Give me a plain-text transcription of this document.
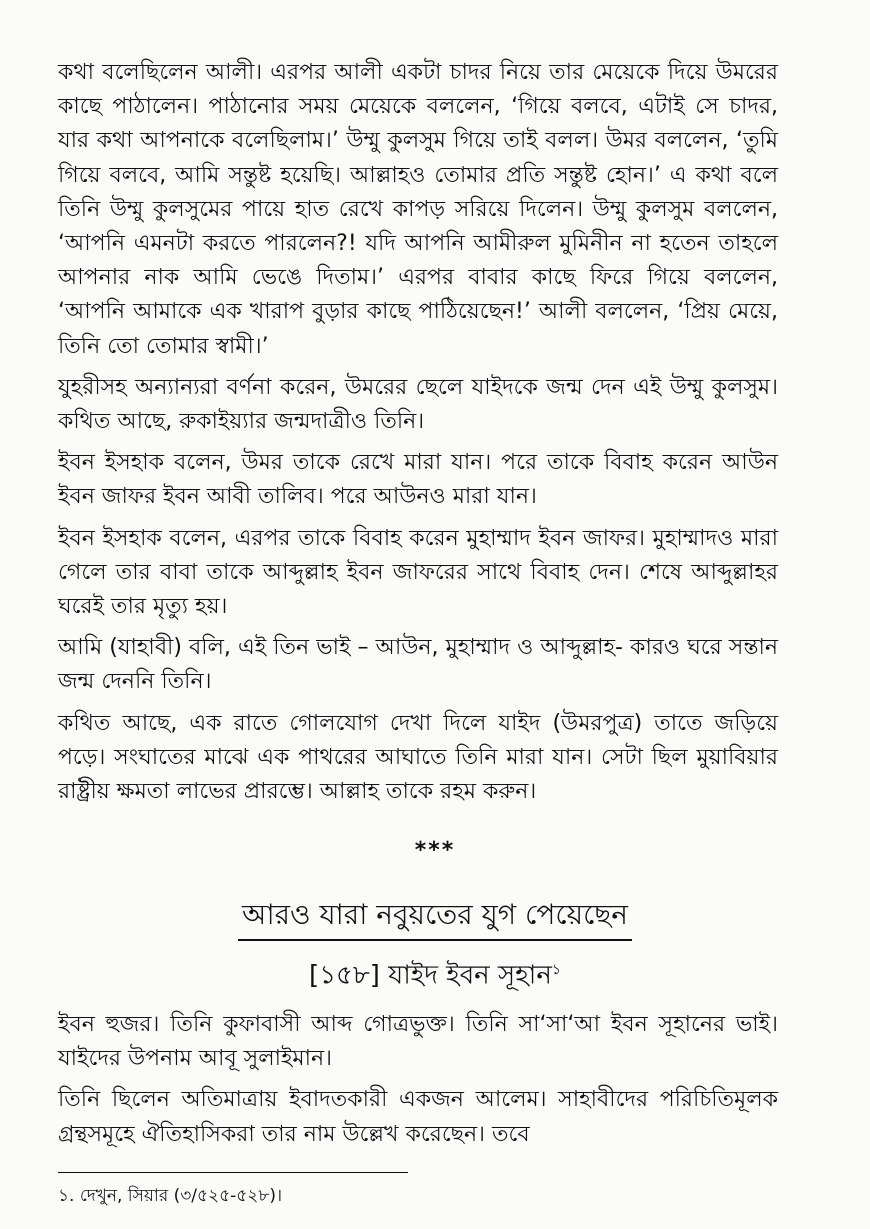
কথা বলেছিলেন আলী। এরপর আলী একটা চাদর নিয়ে তার মেয়েকে দিয়ে উমরের কাছে পাঠালেন। পাঠানোর সময় মেয়েকে বললেন, ‘গিয়ে বলবে, এটাই সে চাদর, যার কথা আপনাকে বলেছিলাম।’ উম্মু কুলসুম গিয়ে তাই বলল। উমর বললেন, ‘তুমি গিয়ে বলবে, আমি সন্তুষ্ট হয়েছি। আল্লাহও তোমার প্রতি সন্তুষ্ট হোন।’ এ কথা বলে তিনি উম্মু কুলসুমের পায়ে হাত রেখে কাপড় সরিয়ে দিলেন। উম্মু কুলসুম বললেন, ‘আপনি এমনটা করতে পারলেন?! যদি আপনি আমীরুল মুমিনীন না হতেন তাহলে আপনার নাক আমি ভেঙে দিতাম।’ এরপর বাবার কাছে ফিরে গিয়ে বললেন, ‘আপনি আমাকে এক খারাপ বুড়ার কাছে পাঠিয়েছেন!’ আলী বললেন, ‘প্রিয় মেয়ে, তিনি তো তোমার স্বামী।’

যুহরীসহ অন্যান্যরা বর্ণনা করেন, উমরের ছেলে যাইদকে জন্ম দেন এই উম্মু কুলসুম। কথিত আছে, রুকাইয়্যার জন্মদাত্রীও তিনি।

ইবন ইসহাক বলেন, উমর তাকে রেখে মারা যান। পরে তাকে বিবাহ করেন আউন ইবন জাফর ইবন আবী তালিব। পরে আউনও মারা যান।

ইবন ইসহাক বলেন, এরপর তাকে বিবাহ করেন মুহাম্মাদ ইবন জাফর। মুহাম্মাদও মারা গেলে তার বাবা তাকে আব্দুল্লাহ ইবন জাফরের সাথে বিবাহ দেন। শেষে আব্দুল্লাহর ঘরেই তার মৃত্যু হয়।

আমি (যাহাবী) বলি, এই তিন ভাই – আউন, মুহাম্মাদ ও আব্দুল্লাহ- কারও ঘরে সন্তান জন্ম দেননি তিনি।

কথিত আছে, এক রাতে গোলযোগ দেখা দিলে যাইদ (উমরপুত্র) তাতে জড়িয়ে পড়ে। সংঘাতের মাঝে এক পাথরের আঘাতে তিনি মারা যান। সেটা ছিল মুয়াবিয়ার রাষ্ট্রীয় ক্ষমতা লাভের প্রারম্ভে। আল্লাহ তাকে রহম করুন।

***
আরও যারা নবুয়তের যুগ পেয়েছেন
[১৫৮] যাইদ ইবন সূহান$^১$

ইবন হুজর। তিনি কুফাবাসী আব্দ গোত্রভুক্ত। তিনি সা‘সা‘আ ইবন সূহানের ভাই। যাইদের উপনাম আবূ সুলাইমান।

তিনি ছিলেন অতিমাত্রায় ইবাদতকারী একজন আলেম। সাহাবীদের পরিচিতিমূলক গ্রন্থসমূহে ঐতিহাসিকরা তার নাম উল্লেখ করেছেন। তবে

১. দেখুন, সিয়ার (৩/৫২৫-৫২৮)।
